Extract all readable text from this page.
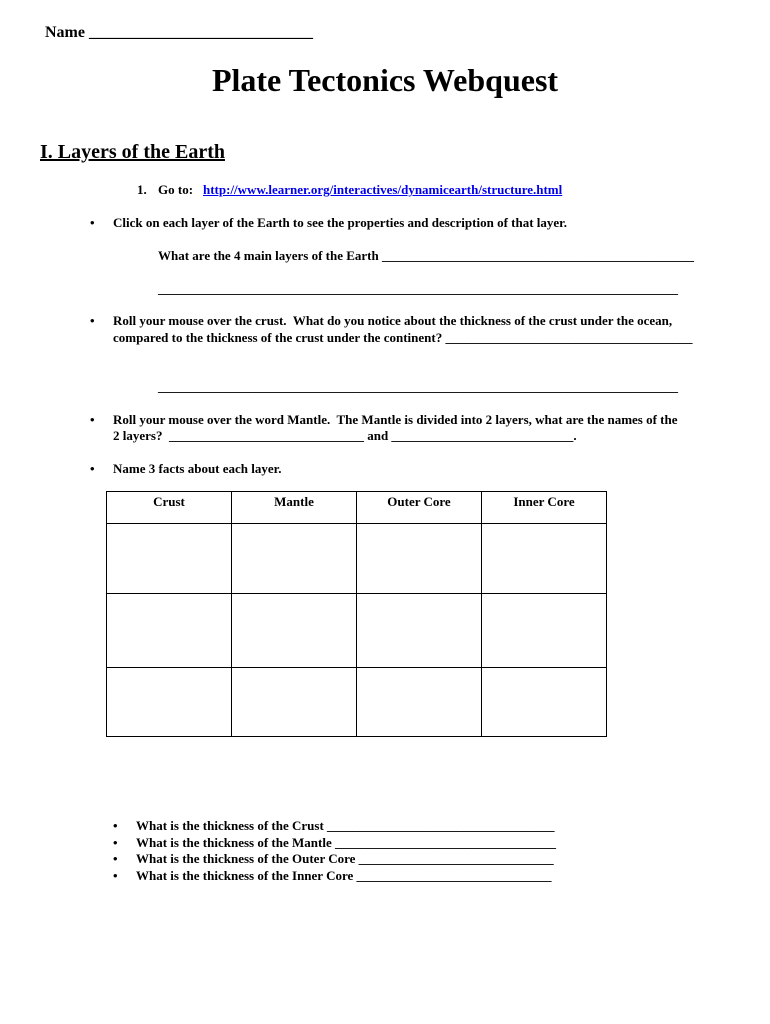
Name ____________________________
Plate Tectonics Webquest
I. Layers of the Earth
1. Go to: http://www.learner.org/interactives/dynamicearth/structure.html
• Click on each layer of the Earth to see the properties and description of that layer.
What are the 4 main layers of the Earth ________________________________________________
________________________________________________________________________________
• Roll your mouse over the crust.  What do you notice about the thickness of the crust under the ocean,
compared to the thickness of the crust under the continent? ______________________________________
________________________________________________________________________________
• Roll your mouse over the word Mantle.  The Mantle is divided into 2 layers, what are the names of the
2 layers?  ______________________________ and ____________________________.
• Name 3 facts about each layer.
Crust	Mantle	Outer Core	Inner Core

• What is the thickness of the Crust ___________________________________
• What is the thickness of the Mantle __________________________________
• What is the thickness of the Outer Core ______________________________
• What is the thickness of the Inner Core ______________________________
